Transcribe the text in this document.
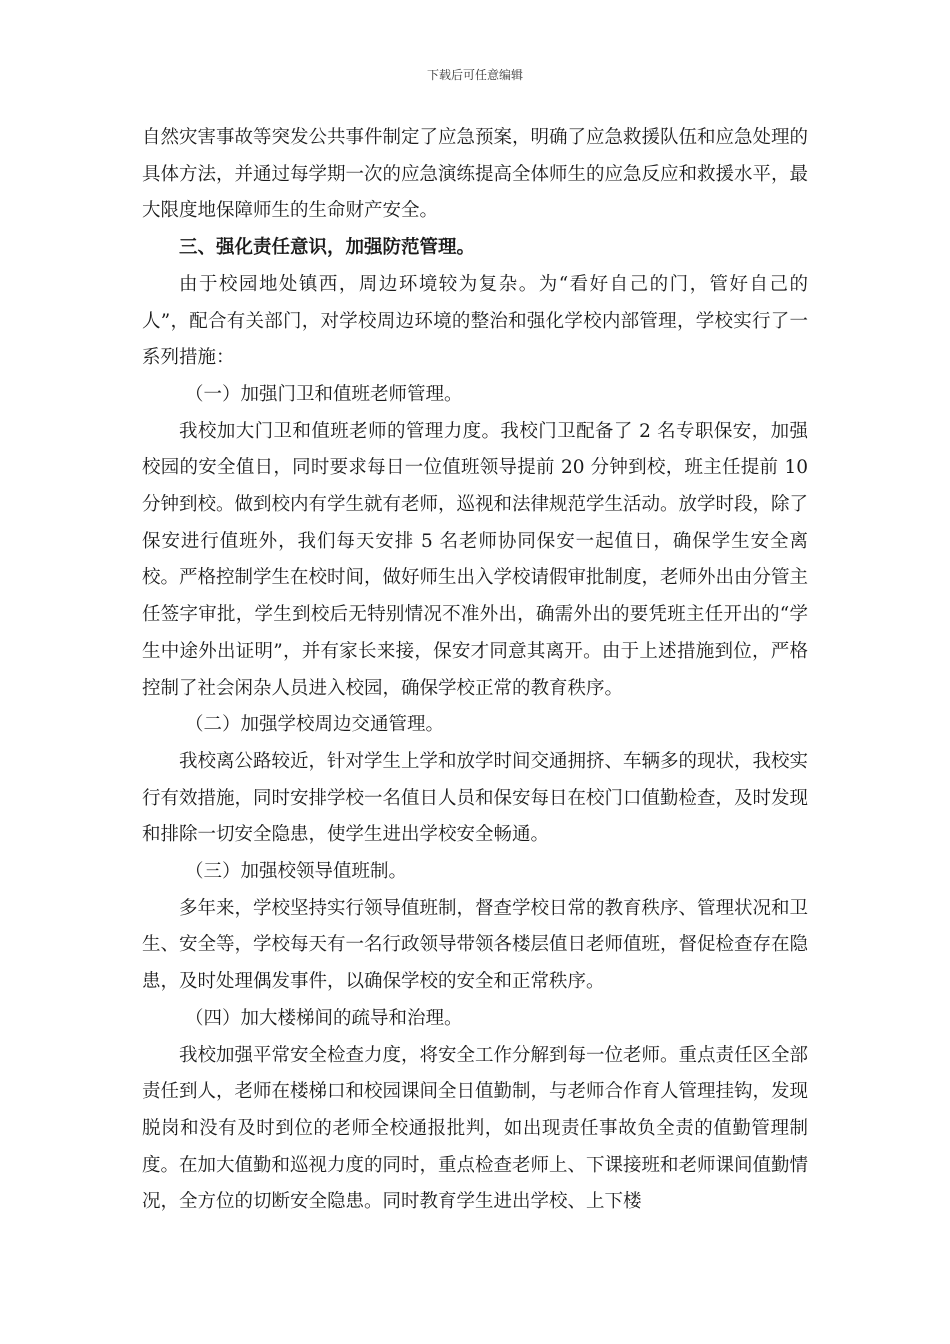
下载后可任意编辑

自然灾害事故等突发公共事件制定了应急预案，明确了应急救援队伍和应急处理的具体方法，并通过每学期一次的应急演练提高全体师生的应急反应和救援水平，最大限度地保障师生的生命财产安全。

三、强化责任意识，加强防范管理。

由于校园地处镇西，周边环境较为复杂。为“看好自己的门，管好自己的人”，配合有关部门，对学校周边环境的整治和强化学校内部管理，学校实行了一系列措施：

（一）加强门卫和值班老师管理。

我校加大门卫和值班老师的管理力度。我校门卫配备了 2 名专职保安，加强校园的安全值日，同时要求每日一位值班领导提前 20 分钟到校，班主任提前 10 分钟到校。做到校内有学生就有老师，巡视和法律规范学生活动。放学时段，除了保安进行值班外，我们每天安排 5 名老师协同保安一起值日，确保学生安全离校。严格控制学生在校时间，做好师生出入学校请假审批制度，老师外出由分管主任签字审批，学生到校后无特别情况不准外出，确需外出的要凭班主任开出的“学生中途外出证明”，并有家长来接，保安才同意其离开。由于上述措施到位，严格控制了社会闲杂人员进入校园，确保学校正常的教育秩序。

（二）加强学校周边交通管理。

我校离公路较近，针对学生上学和放学时间交通拥挤、车辆多的现状，我校实行有效措施，同时安排学校一名值日人员和保安每日在校门口值勤检查，及时发现和排除一切安全隐患，使学生进出学校安全畅通。

（三）加强校领导值班制。

多年来，学校坚持实行领导值班制，督查学校日常的教育秩序、管理状况和卫生、安全等，学校每天有一名行政领导带领各楼层值日老师值班，督促检查存在隐患，及时处理偶发事件，以确保学校的安全和正常秩序。

（四）加大楼梯间的疏导和治理。

我校加强平常安全检查力度，将安全工作分解到每一位老师。重点责任区全部责任到人，老师在楼梯口和校园课间全日值勤制，与老师合作育人管理挂钩，发现脱岗和没有及时到位的老师全校通报批判，如出现责任事故负全责的值勤管理制度。在加大值勤和巡视力度的同时，重点检查老师上、下课接班和老师课间值勤情况，全方位的切断安全隐患。同时教育学生进出学校、上下楼
